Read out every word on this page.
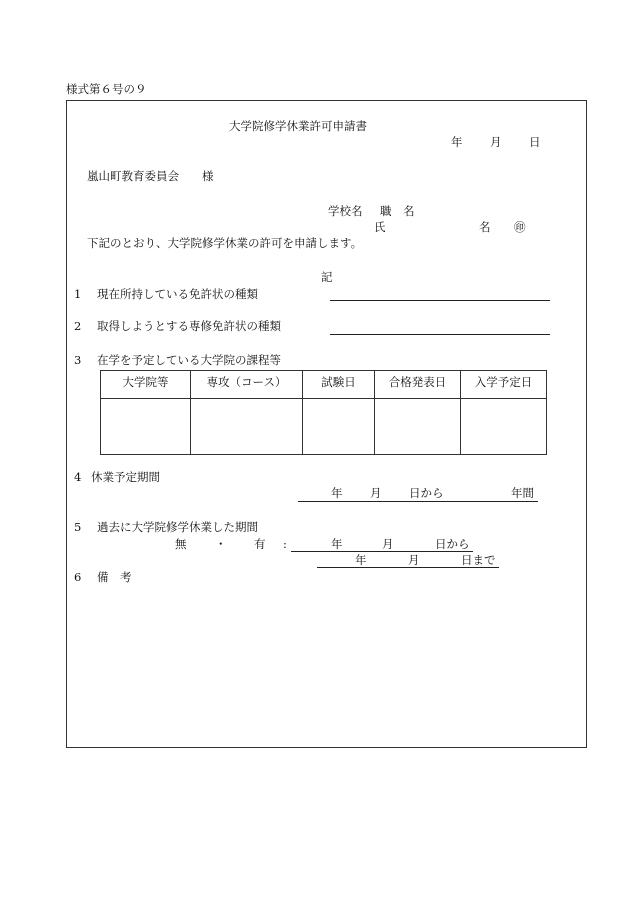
様式第６号の９
大学院修学休業許可申請書
年 月 日
嵐山町教育委員会　　様
学校名 職　名
氏	名 ㊞
下記のとおり、大学院修学休業の許可を申請します。
記
1 現在所持している免許状の種類
2 取得しようとする専修免許状の種類
3 在学を予定している大学院の課程等
大学院等	専攻（コース）	試験日	合格発表日	入学予定日

4 休業予定期間
年 月 日から	年間
5 過去に大学院修学休業した期間
無 ・ 有 :	年	月	日から
年	月	日まで
6 備　考
